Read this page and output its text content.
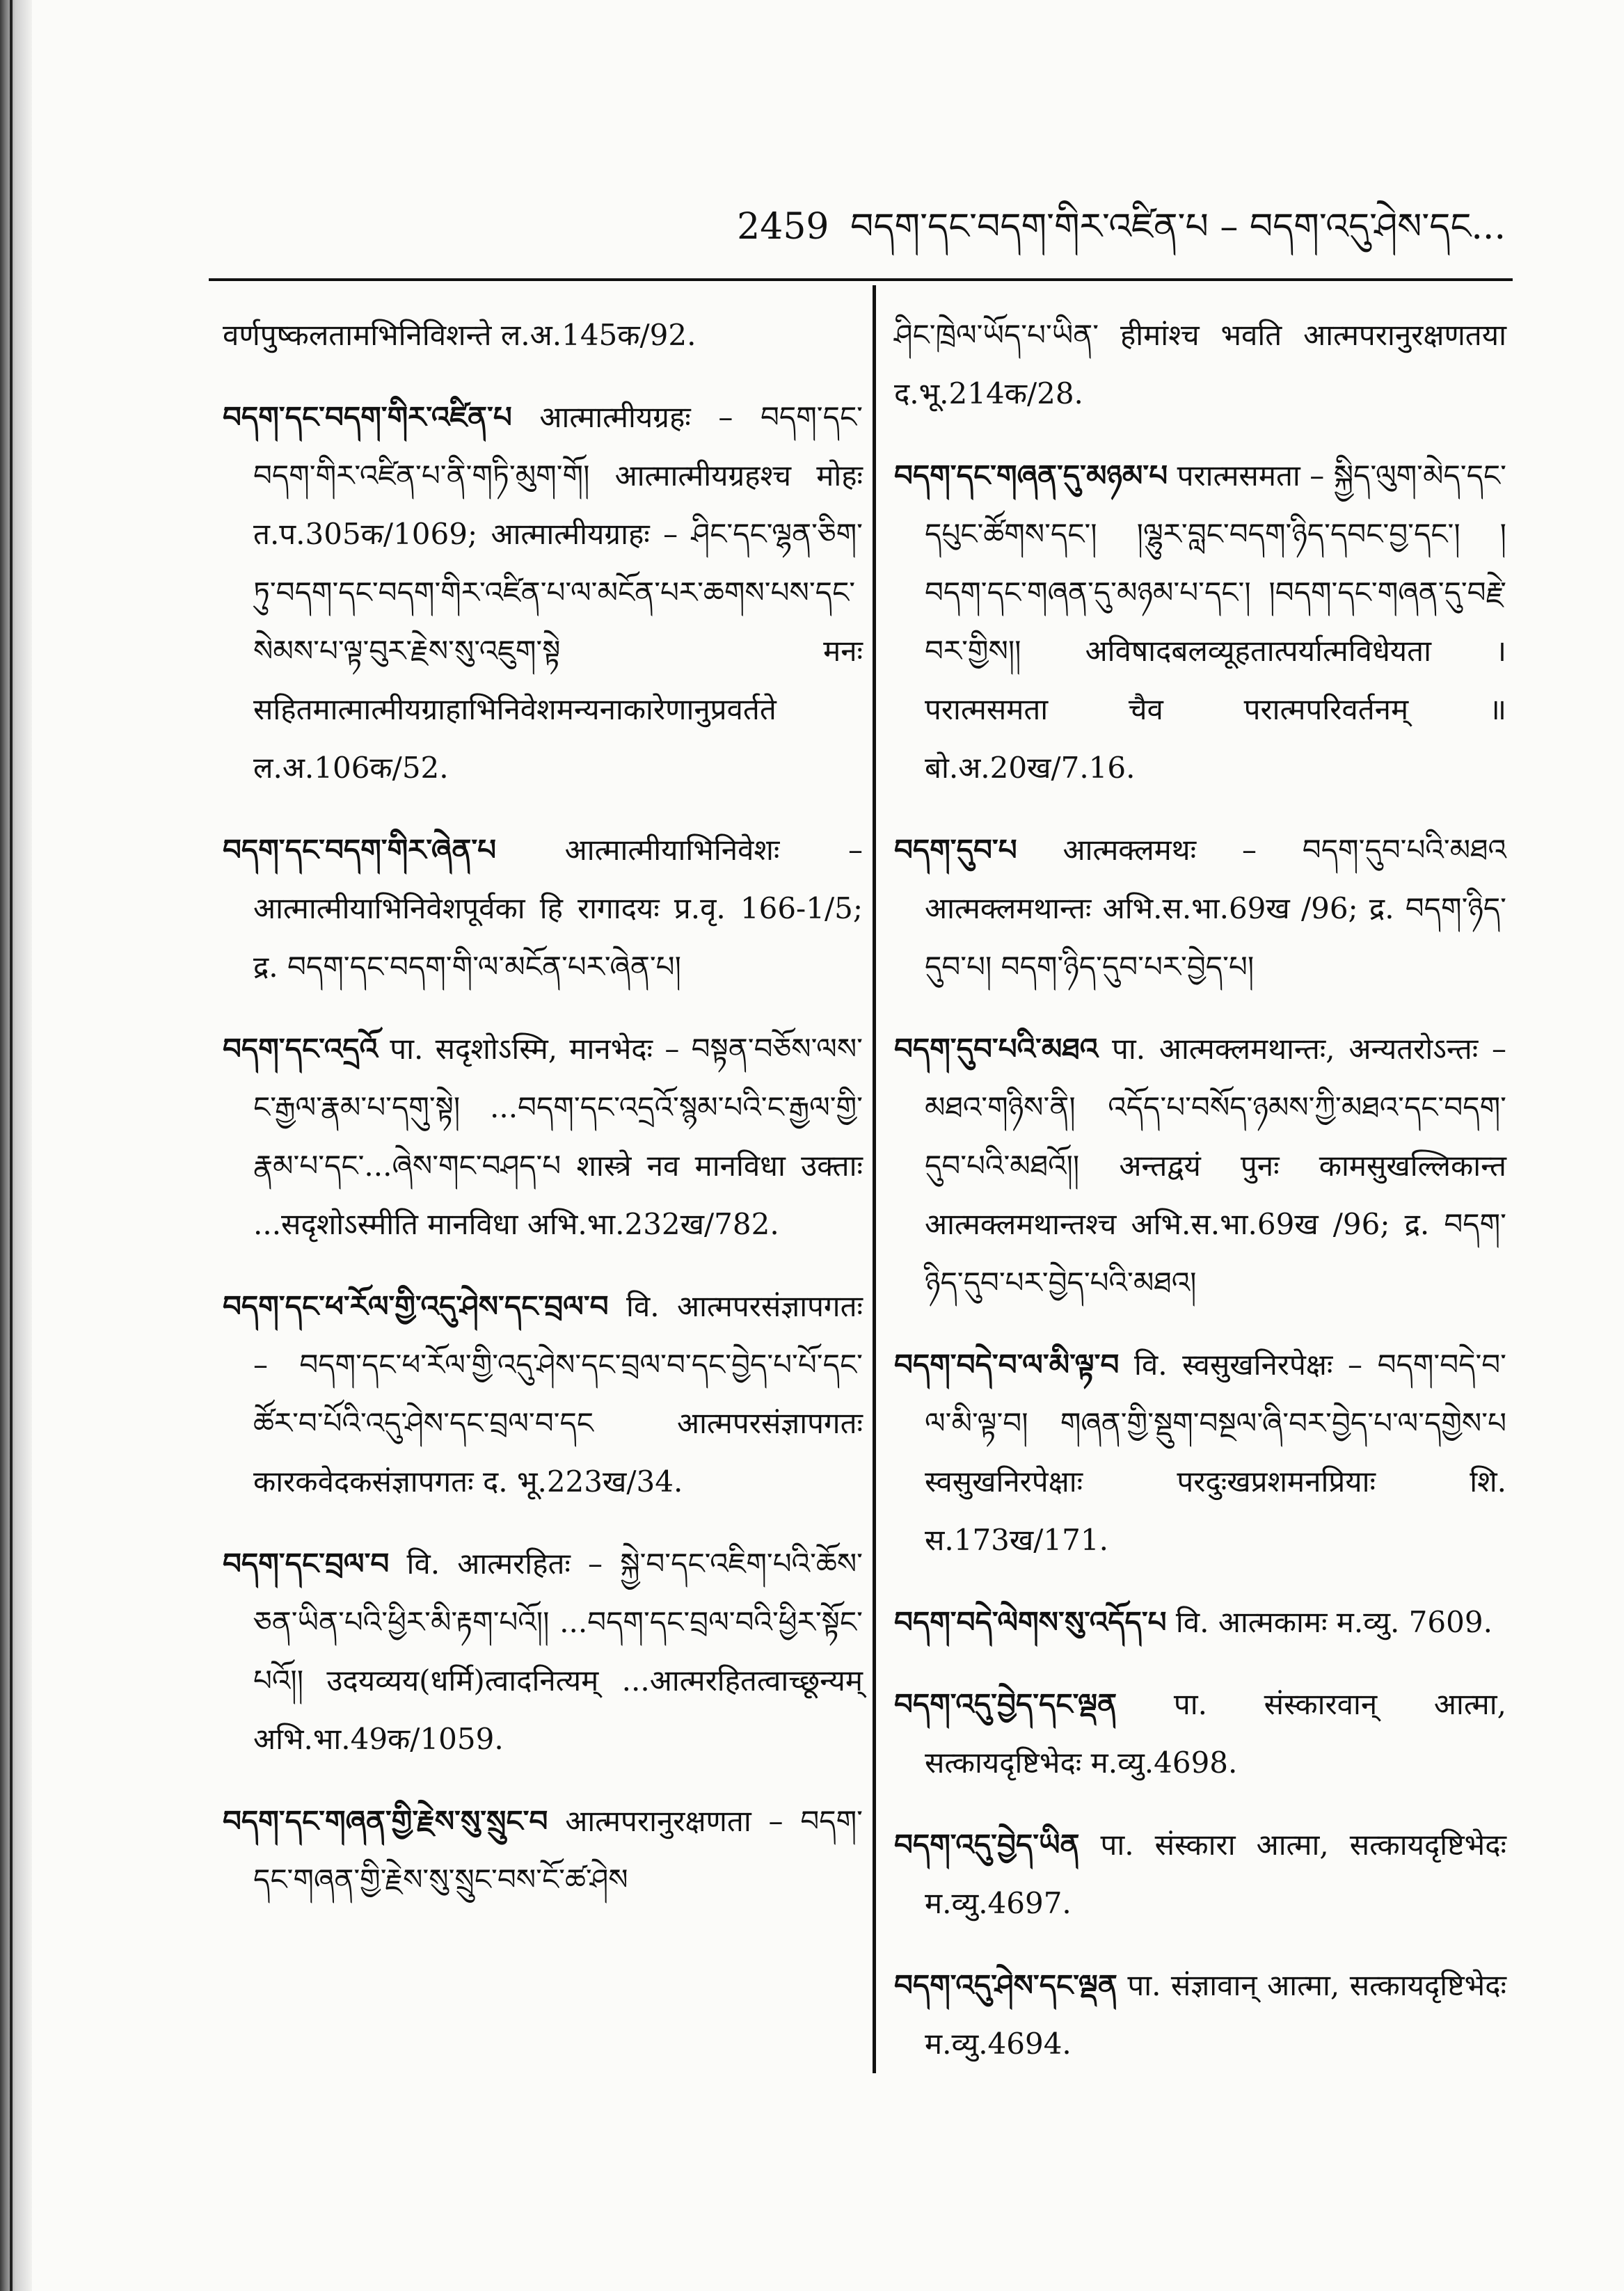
2459 བདག་དང་བདག་གིར་འཛིན་པ – བདག་འདུ་ཤེས་དང...
वर्णपुष्कलतामभिनिविशन्ते ल.अ.145क/92.
བདག་དང་བདག་གིར་འཛིན་པ आत्मात्मीयग्रहः – བདག་དང་བདག་གིར་འཛིན་པ་ནི་གཏི་མུག་གོ། आत्मात्मीयग्रहश्च मोहः त.प.305क/1069; आत्मात्मीयग्राहः – ཤིང་དང་ལྷན་ཅིག་ཏུ་བདག་དང་བདག་གིར་འཛིན་པ་ལ་མངོན་པར་ཆགས་པས་དང་སེམས་པ་ལྟ་བུར་རྗེས་སུ་འཇུག་སྟེ मनः सहितमात्मात्मीयग्राहाभिनिवेशमन्यनाकारेणानुप्रवर्तते ल.अ.106क/52.
བདག་དང་བདག་གིར་ཞེན་པ आत्मात्मीयाभिनिवेशः – आत्मात्मीयाभिनिवेशपूर्वका हि रागादयः प्र.वृ. 166-1/5; द्र. བདག་དང་བདག་གི་ལ་མངོན་པར་ཞེན་པ།
བདག་དང་འདྲའོ पा. सदृशोऽस्मि, मानभेदः – བསྟན་བཅོས་ལས་ང་རྒྱལ་རྣམ་པ་དགུ་སྟེ། ...བདག་དང་འདྲའོ་སྙམ་པའི་ང་རྒྱལ་གྱི་རྣམ་པ་དང་...ཞེས་གང་བཤད་པ शास्त्रे नव मानविधा उक्ताः ...सदृशोऽस्मीति मानविधा अभि.भा.232ख/782.
བདག་དང་ཕ་རོལ་གྱི་འདུ་ཤེས་དང་བྲལ་བ वि. आत्मपरसंज्ञापगतः – བདག་དང་ཕ་རོལ་གྱི་འདུ་ཤེས་དང་བྲལ་བ་དང་བྱེད་པ་པོ་དང་ཚོར་བ་པོའི་འདུ་ཤེས་དང་བྲལ་བ་དང आत्मपरसंज्ञापगतः कारकवेदकसंज्ञापगतः द. भू.223ख/34.
བདག་དང་བྲལ་བ वि. आत्मरहितः – སྐྱེ་བ་དང་འཇིག་པའི་ཆོས་ཅན་ཡིན་པའི་ཕྱིར་མི་རྟག་པའོ།། ...བདག་དང་བྲལ་བའི་ཕྱིར་སྟོང་པའོ།། उदयव्यय(धर्मि)त्वादनित्यम् ...आत्मरहितत्वाच्छून्यम् अभि.भा.49क/1059.
བདག་དང་གཞན་གྱི་རྗེས་སུ་སྲུང་བ आत्मपरानुरक्षणता – བདག་དང་གཞན་གྱི་རྗེས་སུ་སྲུང་བས་ངོ་ཚ་ཤེས
ཤིང་ཁྲེལ་ཡོད་པ་ཡིན་ हीमांश्च भवति आत्मपरानुरक्षणतया द.भू.214क/28.
བདག་དང་གཞན་དུ་མཉམ་པ परात्मसमता – སྐྱིད་ལུག་མེད་དང་དཔུང་ཚོགས་དང་། །ལྷུར་བླང་བདག་ཉིད་དབང་བྱ་དང་། །བདག་དང་གཞན་དུ་མཉམ་པ་དང་། །བདག་དང་གཞན་དུ་བརྗེ་བར་གྱིས།། अविषादबलव्यूहतात्पर्यात्मविधेयता । परात्मसमता चैव परात्मपरिवर्तनम् ॥ बो.अ.20ख/7.16.
བདག་དུབ་པ आत्मक्लमथः – བདག་དུབ་པའི་མཐའ आत्मक्लमथान्तः अभि.स.भा.69ख /96; द्र. བདག་ཉིད་དུབ་པ། བདག་ཉིད་དུབ་པར་བྱེད་པ།
བདག་དུབ་པའི་མཐའ पा. आत्मक्लमथान्तः, अन्यतरोऽन्तः – མཐའ་གཉིས་ནི། འདོད་པ་བསོད་ཉམས་ཀྱི་མཐའ་དང་བདག་དུབ་པའི་མཐའོ།། अन्तद्वयं पुनः कामसुखल्लिकान्त आत्मक्लमथान्तश्च अभि.स.भा.69ख /96; द्र. བདག་ཉིད་དུབ་པར་བྱེད་པའི་མཐའ།
བདག་བདེ་བ་ལ་མི་ལྟ་བ वि. स्वसुखनिरपेक्षः – བདག་བདེ་བ་ལ་མི་ལྟ་བ། གཞན་གྱི་སྡུག་བསྔལ་ཞི་བར་བྱེད་པ་ལ་དགྱེས་པ स्वसुखनिरपेक्षाः परदुःखप्रशमनप्रियाः शि. स.173ख/171.
བདག་བདེ་ལེགས་སུ་འདོད་པ वि. आत्मकामः म.व्यु. 7609.
བདག་འདུ་བྱེད་དང་ལྡན पा. संस्कारवान् आत्मा, सत्कायदृष्टिभेदः म.व्यु.4698.
བདག་འདུ་བྱེད་ཡིན पा. संस्कारा आत्मा, सत्कायदृष्टिभेदः म.व्यु.4697.
བདག་འདུ་ཤེས་དང་ལྡན पा. संज्ञावान् आत्मा, सत्कायदृष्टिभेदः म.व्यु.4694.
